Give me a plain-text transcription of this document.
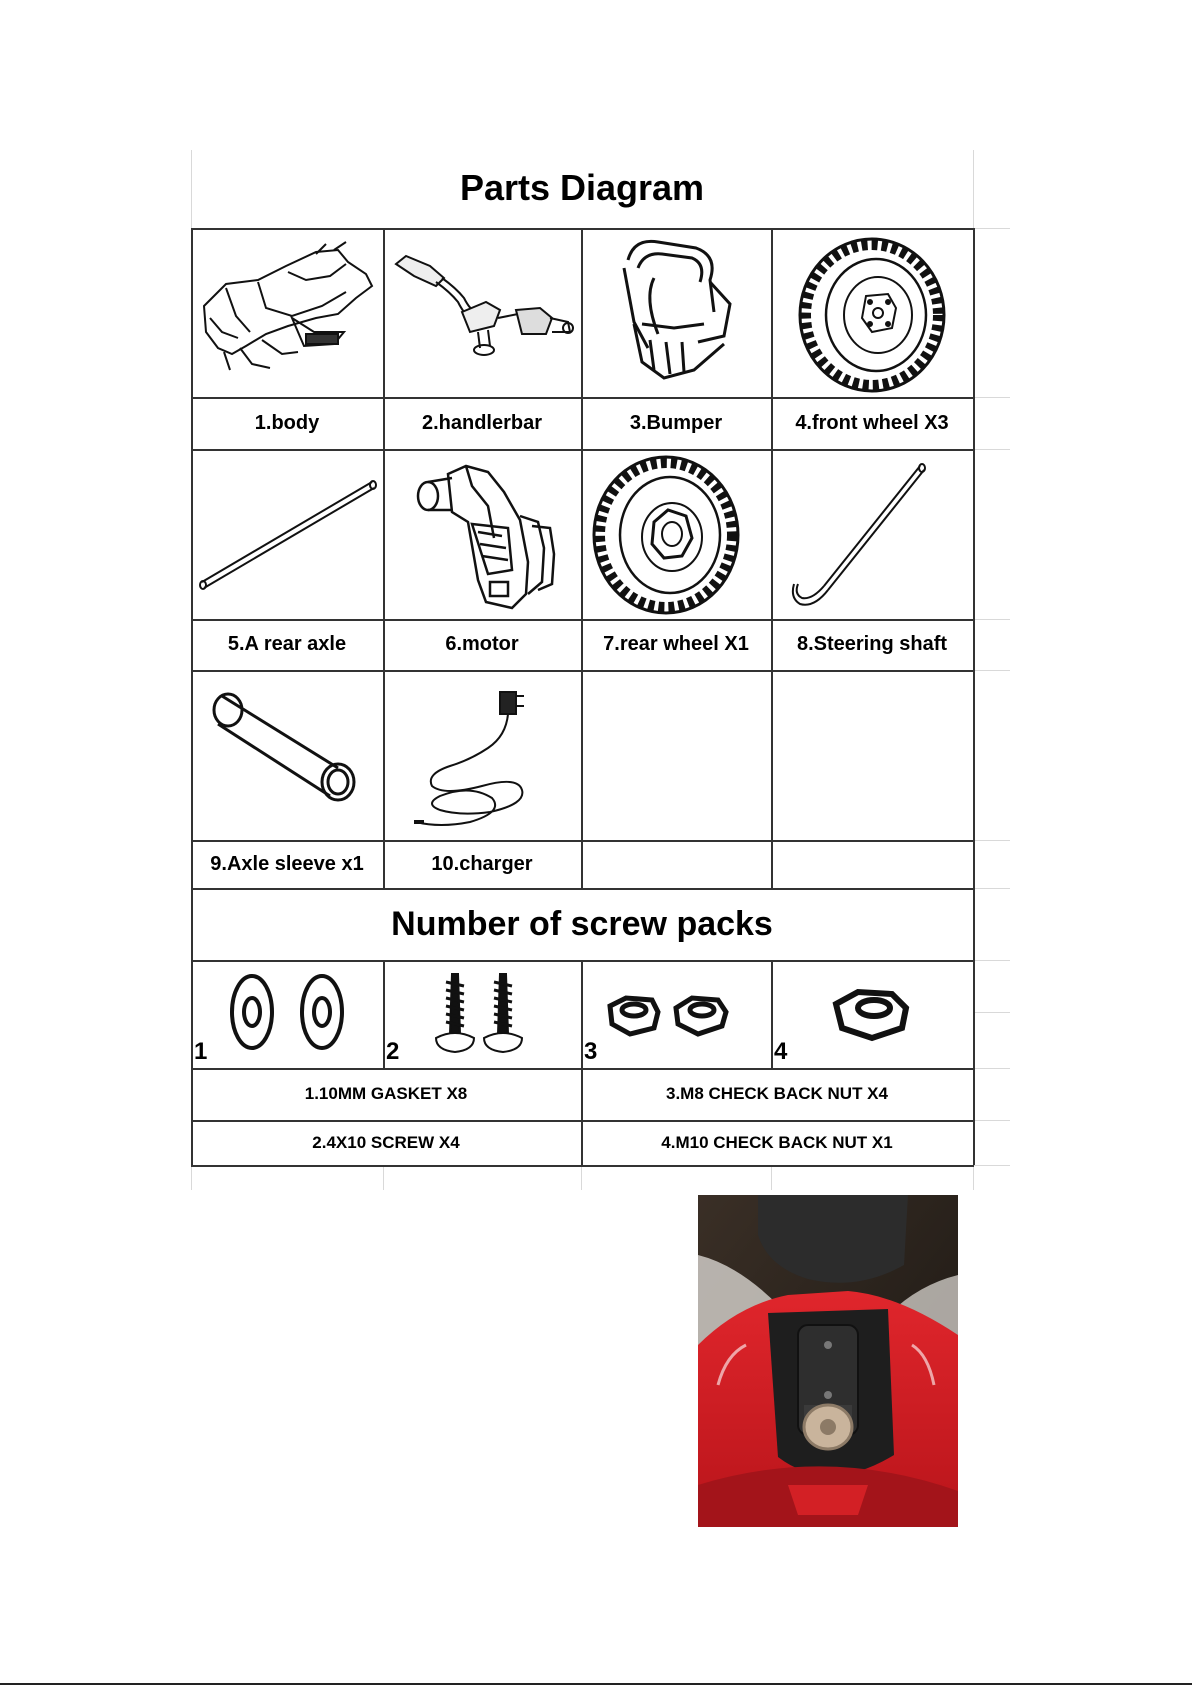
Parts Diagram
1.body	2.handlerbar	3.Bumper	4.front wheel X3
5.A rear axle	6.motor	7.rear wheel X1	8.Steering shaft
9.Axle sleeve x1	10.charger
Number of screw packs
1	2	3	4
1.10MM GASKET X8	3.M8 CHECK BACK NUT X4
2.4X10 SCREW X4	4.M10 CHECK BACK NUT X1
